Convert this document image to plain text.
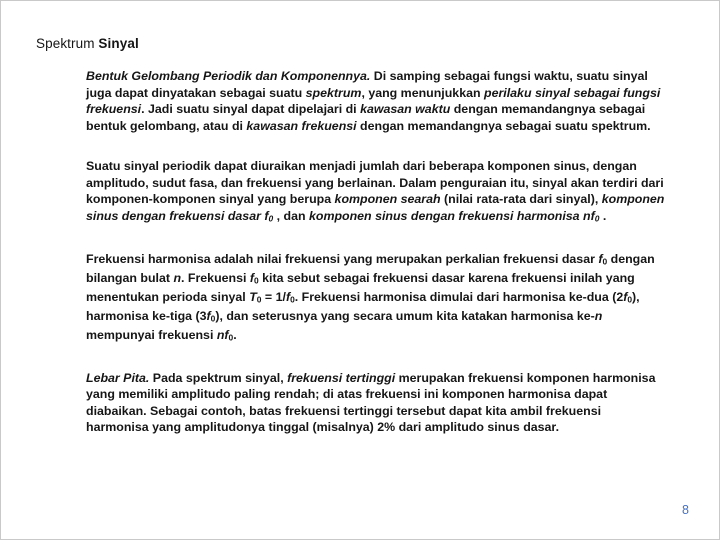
Spektrum Sinyal

Bentuk Gelombang Periodik dan Komponennya. Di samping sebagai fungsi waktu, suatu sinyal juga dapat dinyatakan sebagai suatu spektrum, yang menunjukkan perilaku sinyal sebagai fungsi frekuensi. Jadi suatu sinyal dapat dipelajari di kawasan waktu dengan memandangnya sebagai bentuk gelombang, atau di kawasan frekuensi dengan memandangnya sebagai suatu spektrum.

Suatu sinyal periodik dapat diuraikan menjadi jumlah dari beberapa komponen sinus, dengan amplitudo, sudut fasa, dan frekuensi yang berlainan. Dalam penguraian itu, sinyal akan terdiri dari komponen-komponen sinyal yang berupa komponen searah (nilai rata-rata dari sinyal), komponen sinus dengan frekuensi dasar f0 , dan komponen sinus dengan frekuensi harmonisa nf0 .

Frekuensi harmonisa adalah nilai frekuensi yang merupakan perkalian frekuensi dasar f0 dengan bilangan bulat n. Frekuensi f0 kita sebut sebagai frekuensi dasar karena frekuensi inilah yang menentukan perioda sinyal T0 = 1/f0. Frekuensi harmonisa dimulai dari harmonisa ke-dua (2f0), harmonisa ke-tiga (3f0), dan seterusnya yang secara umum kita katakan harmonisa ke-n mempunyai frekuensi nf0.

Lebar Pita. Pada spektrum sinyal, frekuensi tertinggi merupakan frekuensi komponen harmonisa yang memiliki amplitudo paling rendah; di atas frekuensi ini komponen harmonisa dapat diabaikan. Sebagai contoh, batas frekuensi tertinggi tersebut dapat kita ambil frekuensi harmonisa yang amplitudonya tinggal (misalnya) 2% dari amplitudo sinus dasar.

8
